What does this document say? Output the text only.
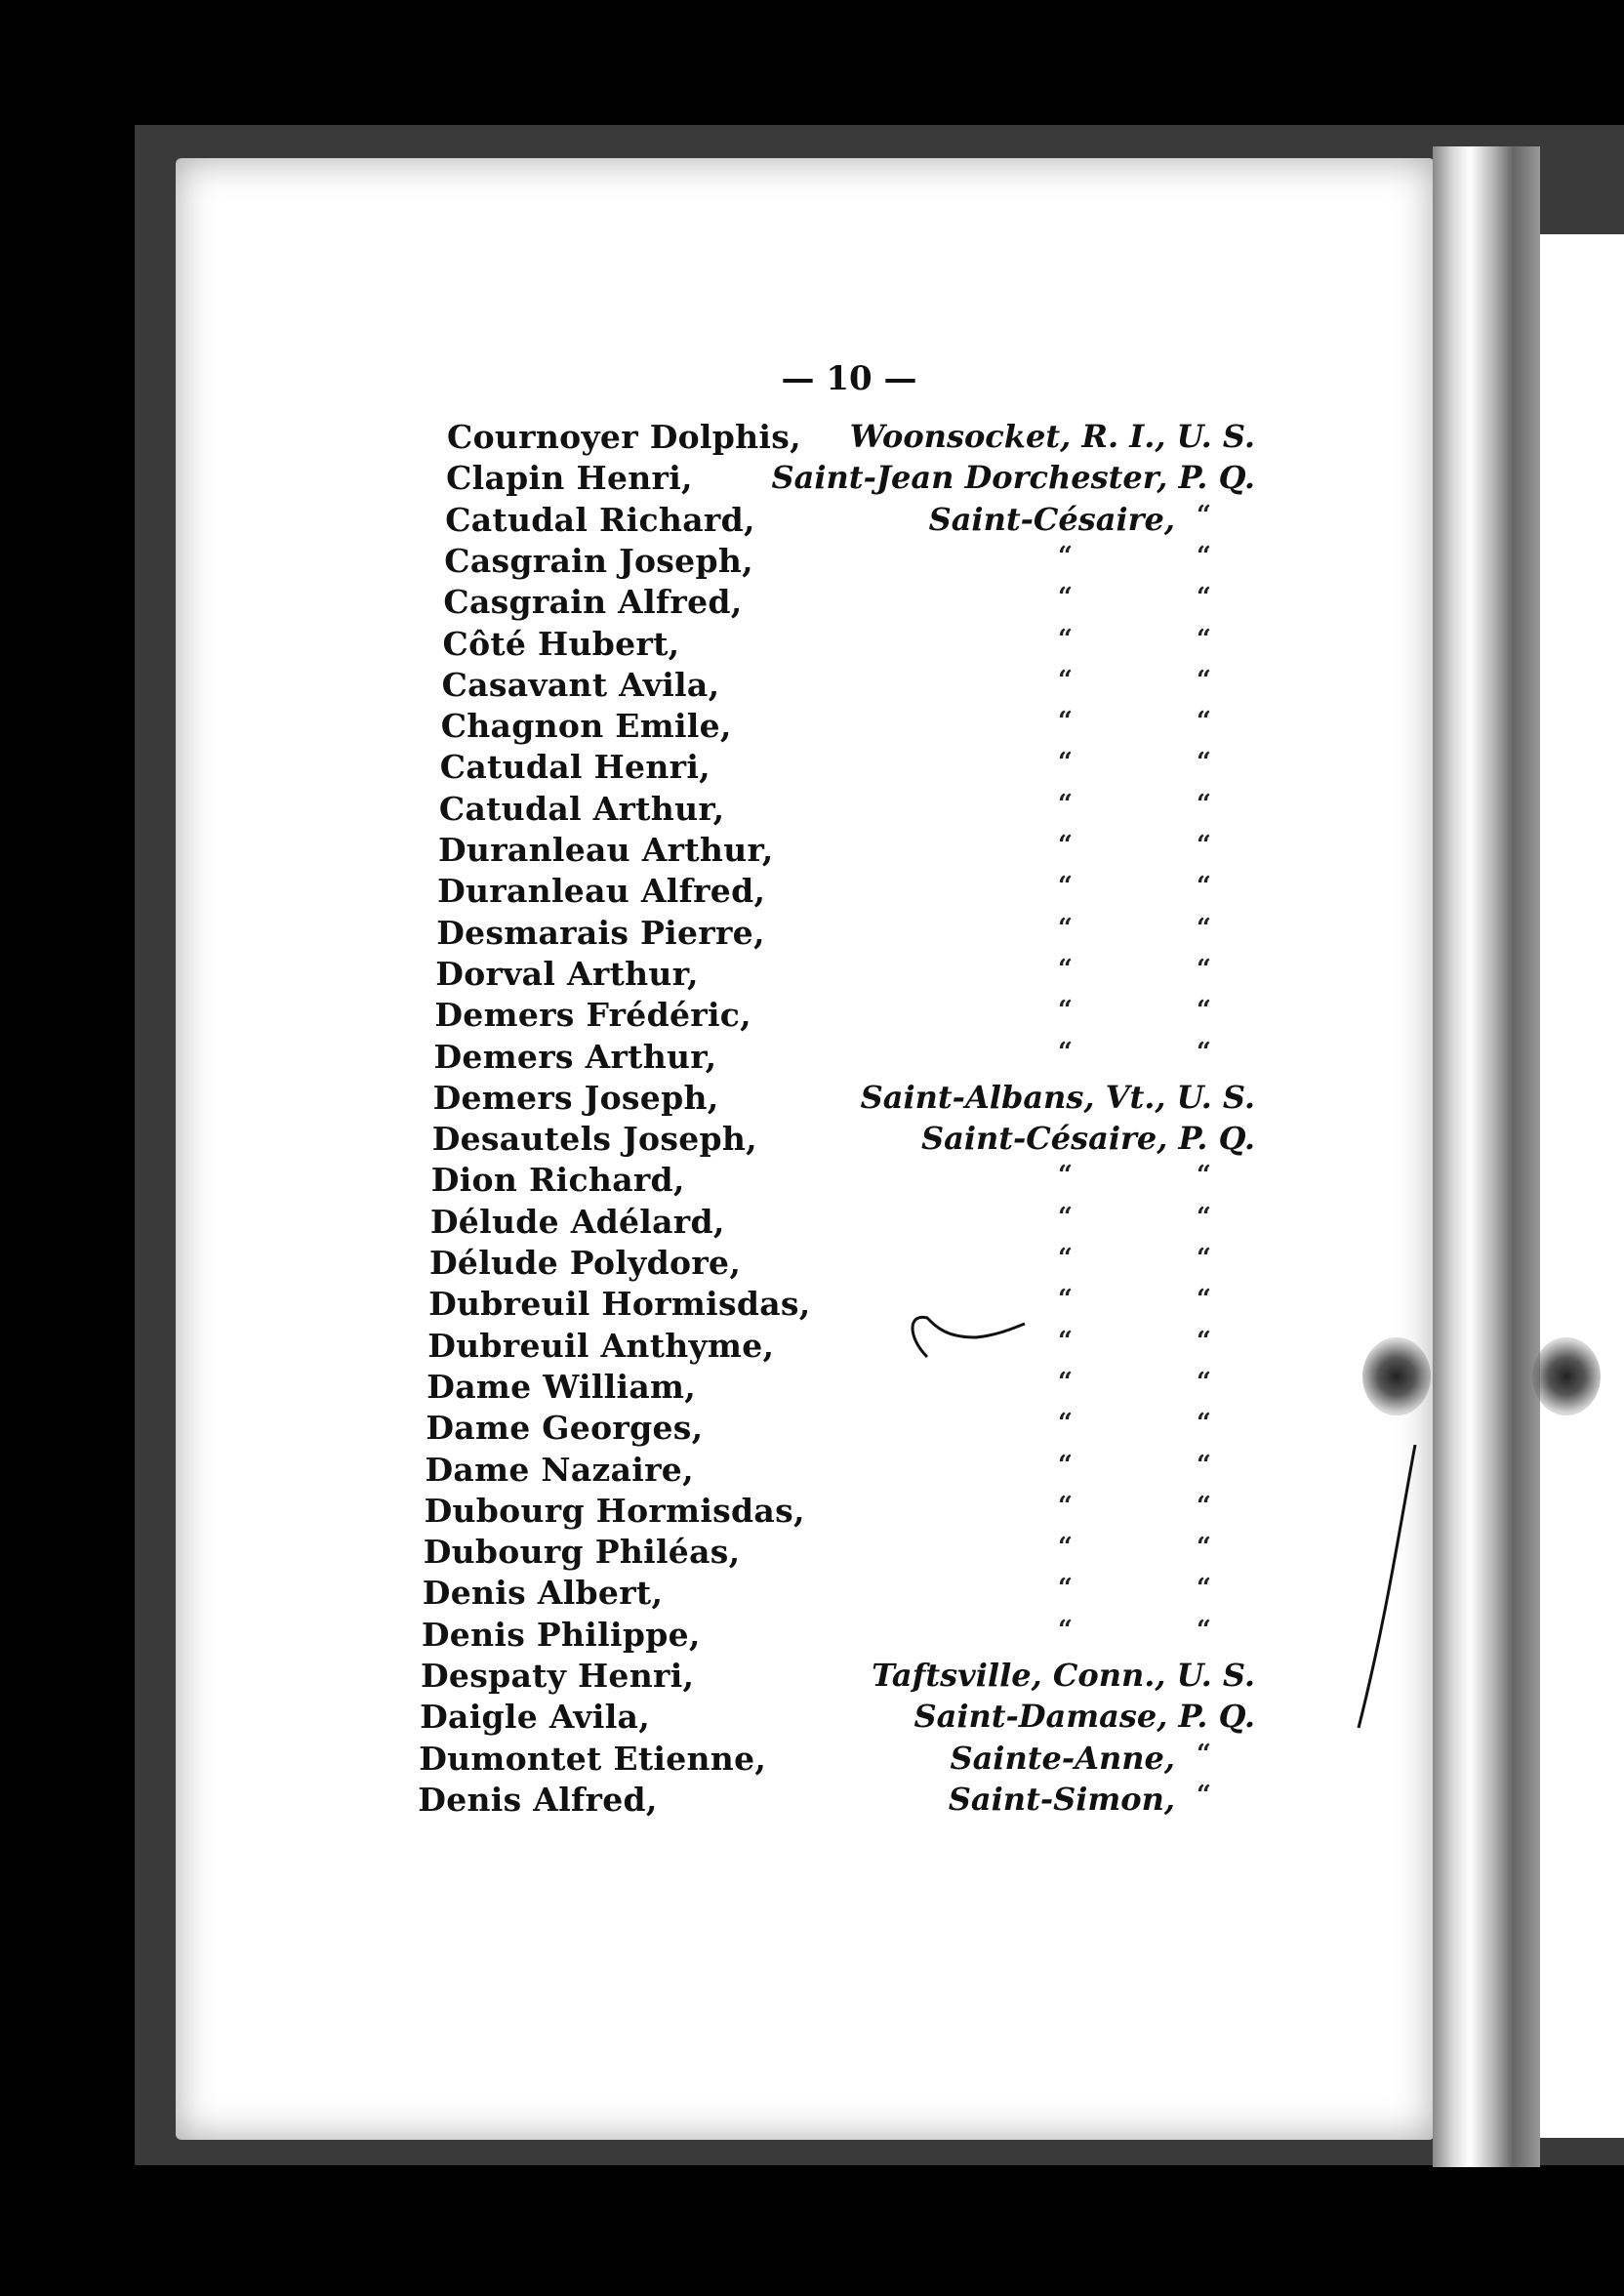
— 10 —
Cournoyer Dolphis, Woonsocket, R. I., U. S.
Clapin Henri,	Saint-Jean Dorchester, P. Q.
Catudal Richard,	Saint-Césaire, “
Casgrain Joseph,	“	“
Casgrain Alfred,	“	“
Côté Hubert,	“	“
Casavant Avila,	“	“
Chagnon Emile,	“	“
Catudal Henri,	“	“
Catudal Arthur,	“	“
Duranleau Arthur,	“	“
Duranleau Alfred,	“	“
Desmarais Pierre,	“	“
Dorval Arthur,	“	“
Demers Frédéric,	“	“
Demers Arthur,	“	“
Demers Joseph,	Saint-Albans, Vt., U. S.
Desautels Joseph,	Saint-Césaire, P. Q.
Dion Richard,	“	“
Délude Adélard,	“	“
Délude Polydore,	“	“
Dubreuil Hormisdas,	“	“
Dubreuil Anthyme,	“	“
Dame William,	“	“
Dame Georges,	“	“
Dame Nazaire,	“	“
Dubourg Hormisdas,	“	“
Dubourg Philéas,	“	“
Denis Albert,	“	“
Denis Philippe,	“	“
Despaty Henri,	Taftsville, Conn., U. S.
Daigle Avila,	Saint-Damase, P. Q.
Dumontet Etienne,	Sainte-Anne, “
Denis Alfred,	Saint-Simon, “
